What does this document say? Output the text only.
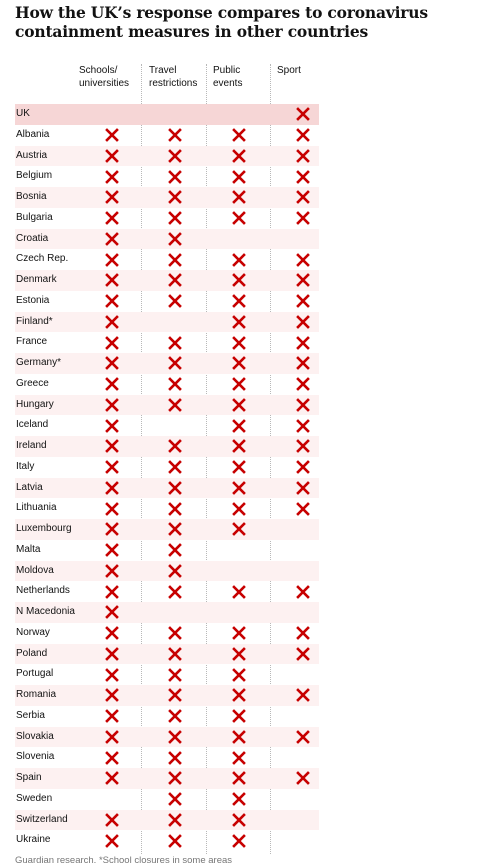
How the UK’s response compares to coronavirus containment measures in other countries
Schools/
universities
Travel
restrictions
Public
events
Sport
UK
Albania
Austria
Belgium
Bosnia
Bulgaria
Croatia
Czech Rep.
Denmark
Estonia
Finland*
France
Germany*
Greece
Hungary
Iceland
Ireland
Italy
Latvia
Lithuania
Luxembourg
Malta
Moldova
Netherlands
N Macedonia
Norway
Poland
Portugal
Romania
Serbia
Slovakia
Slovenia
Spain
Sweden
Switzerland
Ukraine
Guardian research. *School closures in some areas
